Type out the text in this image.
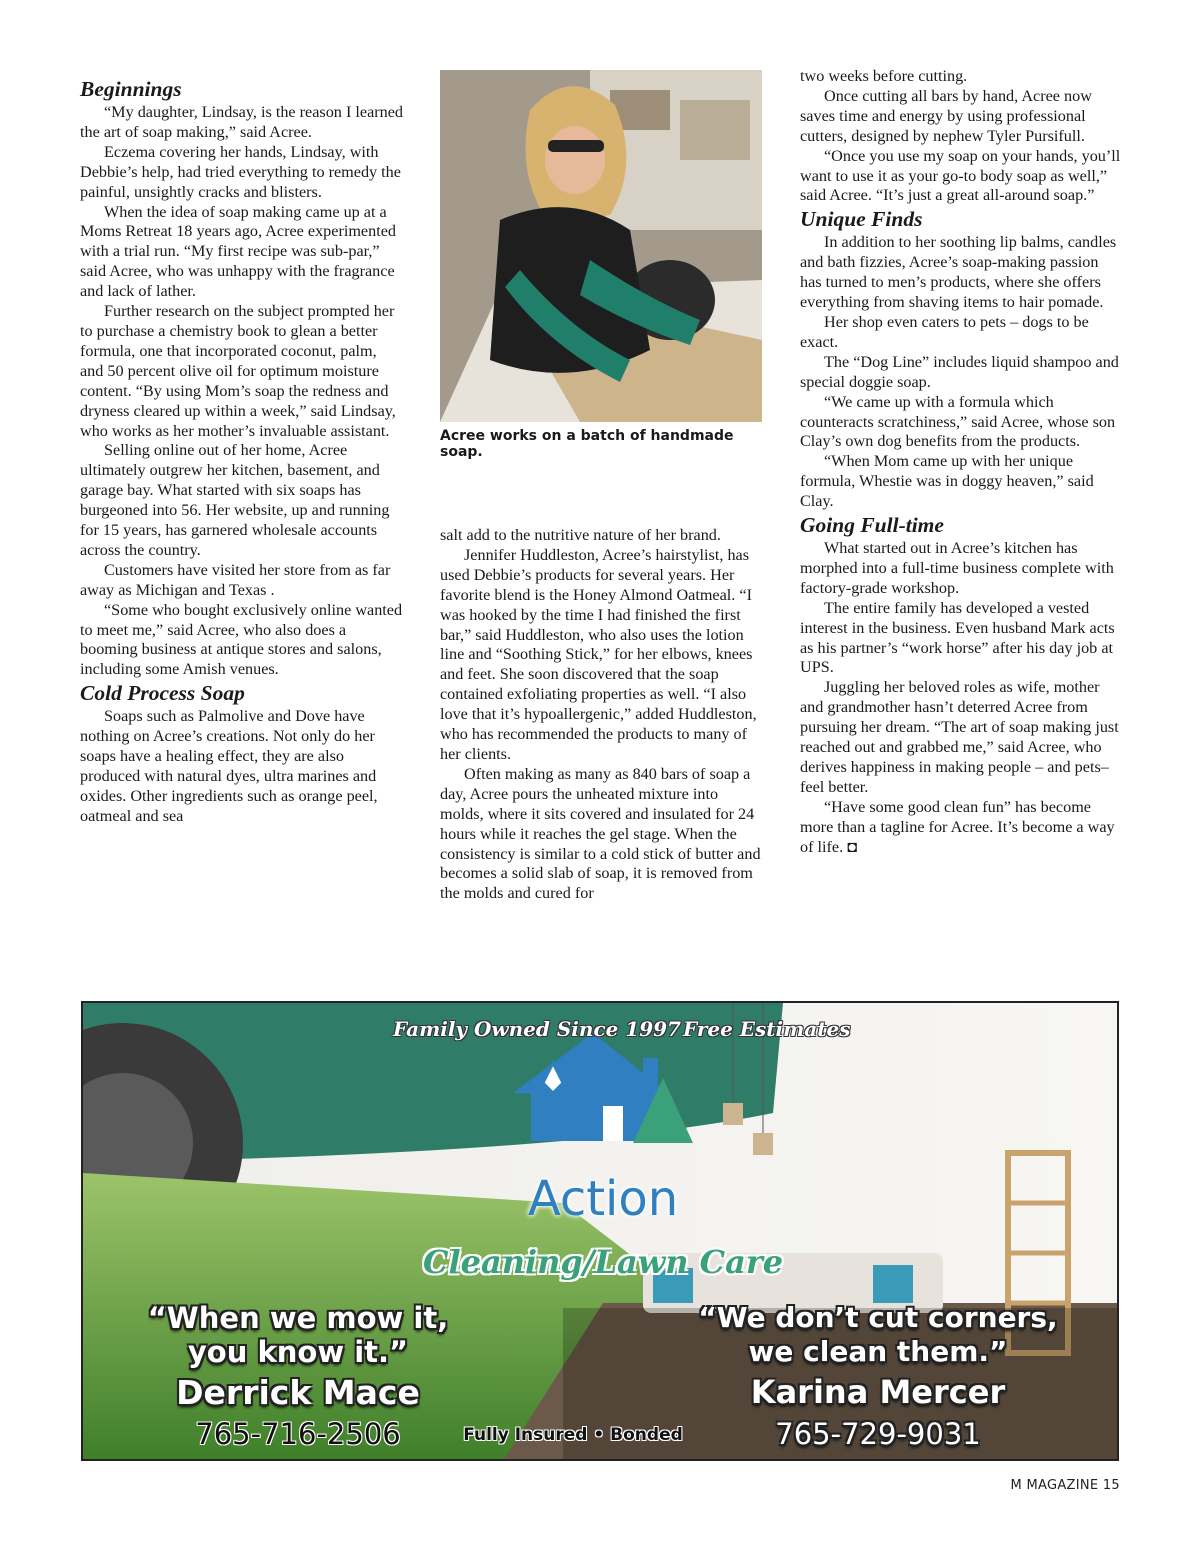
Beginnings

“My daughter, Lindsay, is the reason I learned the art of soap making,” said Acree.

Eczema covering her hands, Lindsay, with Debbie’s help, had tried everything to remedy the painful, unsightly cracks and blisters.

When the idea of soap making came up at a Moms Retreat 18 years ago, Acree experimented with a trial run. “My first recipe was sub-par,” said Acree, who was unhappy with the fragrance and lack of lather.

Further research on the subject prompted her to purchase a chemistry book to glean a better formula, one that incorporated coconut, palm, and 50 percent olive oil for optimum moisture content. “By using Mom’s soap the redness and dryness cleared up within a week,” said Lindsay, who works as her mother’s invaluable assistant.

Selling online out of her home, Acree ultimately outgrew her kitchen, basement, and garage bay. What started with six soaps has burgeoned into 56. Her website, up and running for 15 years, has garnered wholesale accounts across the country.

Customers have visited her store from as far away as Michigan and Texas .

“Some who bought exclusively online wanted to meet me,” said Acree, who also does a booming business at antique stores and salons, including some Amish venues.

Cold Process Soap

Soaps such as Palmolive and Dove have nothing on Acree’s creations. Not only do her soaps have a healing effect, they are also produced with natural dyes, ultra marines and oxides. Other ingredients such as orange peel, oatmeal and sea

Acree works on a batch of handmade soap.

salt add to the nutritive nature of her brand.

Jennifer Huddleston, Acree’s hairstylist, has used Debbie’s products for several years. Her favorite blend is the Honey Almond Oatmeal. “I was hooked by the time I had finished the first bar,” said Huddleston, who also uses the lotion line and “Soothing Stick,” for her elbows, knees and feet. She soon discovered that the soap contained exfoliating properties as well. “I also love that it’s hypoallergenic,” added Huddleston, who has recommended the products to many of her clients.

Often making as many as 840 bars of soap a day, Acree pours the unheated mixture into molds, where it sits covered and insulated for 24 hours while it reaches the gel stage. When the consistency is similar to a cold stick of butter and becomes a solid slab of soap, it is removed from the molds and cured for

two weeks before cutting.

Once cutting all bars by hand, Acree now saves time and energy by using professional cutters, designed by nephew Tyler Pursifull.

“Once you use my soap on your hands, you’ll want to use it as your go-to body soap as well,” said Acree. “It’s just a great all-around soap.”

Unique Finds

In addition to her soothing lip balms, candles and bath fizzies, Acree’s soap-making passion has turned to men’s products, where she offers everything from shaving items to hair pomade.

Her shop even caters to pets – dogs to be exact.

The “Dog Line” includes liquid shampoo and special doggie soap.

“We came up with a formula which counteracts scratchiness,” said Acree, whose son Clay’s own dog benefits from the products.

“When Mom came up with her unique formula, Whestie was in doggy heaven,” said Clay.

Going Full-time

What started out in Acree’s kitchen has morphed into a full-time business complete with factory-grade workshop.

The entire family has developed a vested interest in the business. Even husband Mark acts as his partner’s “work horse” after his day job at UPS.

Juggling her beloved roles as wife, mother and grandmother hasn’t deterred Acree from pursuing her dream. “The art of soap making just reached out and grabbed me,” said Acree, who derives happiness in making people – and pets– feel better.

“Have some good clean fun” has become more than a tagline for Acree. It’s become a way of life. ◘

Family Owned Since 1997 Free Estimates
Action
Cleaning/Lawn Care
“When we mow it,
you know it.”
Derrick Mace
765-716-2506	Fully Insured • Bonded
“We don’t cut corners,
we clean them.”
Karina Mercer
765-729-9031
M MAGAZINE 15
